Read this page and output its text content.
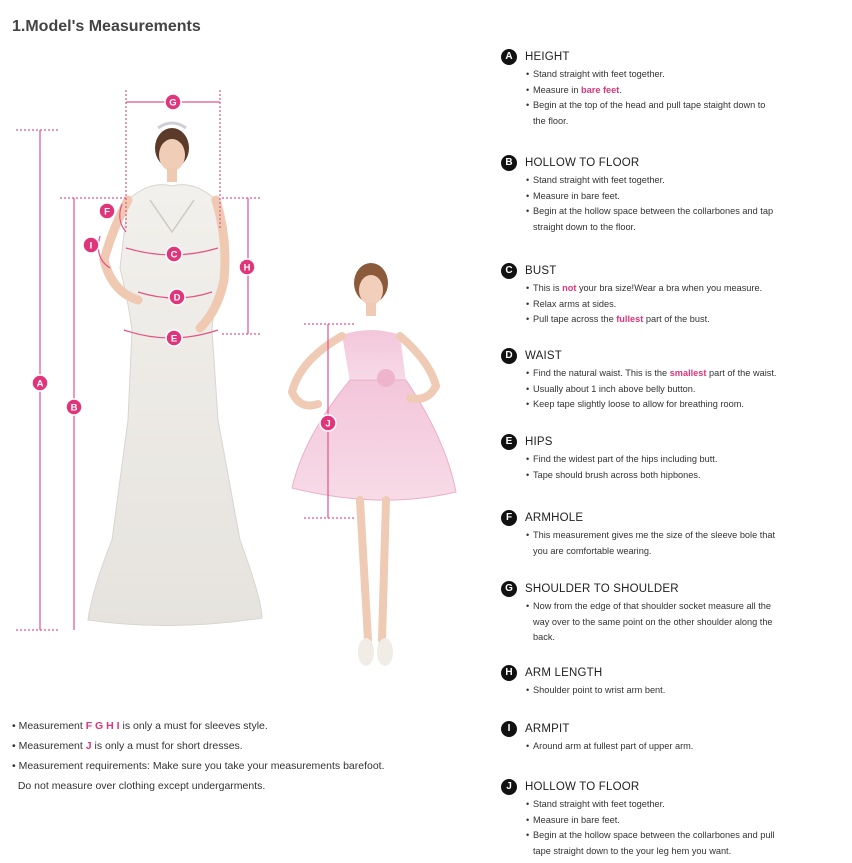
1.Model's Measurements
G
F
I
C
H
D
E
A
B
J
A	HEIGHT
• Stand straight with feet together.
• Measure in bare feet.
• Begin at the top of the head and pull tape staight down to
the floor.
B	HOLLOW TO FLOOR
• Stand straight with feet together.
• Measure in bare feet.
• Begin at the hollow space between the collarbones and tap
straight down to the floor.
C	BUST
• This is not your bra size!Wear a bra when you measure.
• Relax arms at sides.
• Pull tape across the fullest part of the bust.
D	WAIST
• Find the natural waist. This is the smallest part of the waist.
• Usually about 1 inch above belly button.
• Keep tape slightly loose to allow for breathing room.
E	HIPS
• Find the widest part of the hips including butt.
• Tape should brush across both hipbones.
F	ARMHOLE
• This measurement gives me the size of the sleeve bole that
you are comfortable wearing.
G	SHOULDER TO SHOULDER
• Now from the edge of that shoulder socket measure all the
way over to the same point on the other shoulder along the
back.
H	ARM LENGTH
• Shoulder point to wrist arm bent.
I	ARMPIT
• Around arm at fullest part of upper arm.
J	HOLLOW TO FLOOR
• Stand straight with feet together.
• Measure in bare feet.
• Begin at the hollow space between the collarbones and pull
tape straight down to the your leg hem you want.
• Measurement F G H I is only a must for sleeves style.
• Measurement J is only a must for short dresses.
• Measurement requirements: Make sure you take your measurements barefoot.
Do not measure over clothing except undergarments.
